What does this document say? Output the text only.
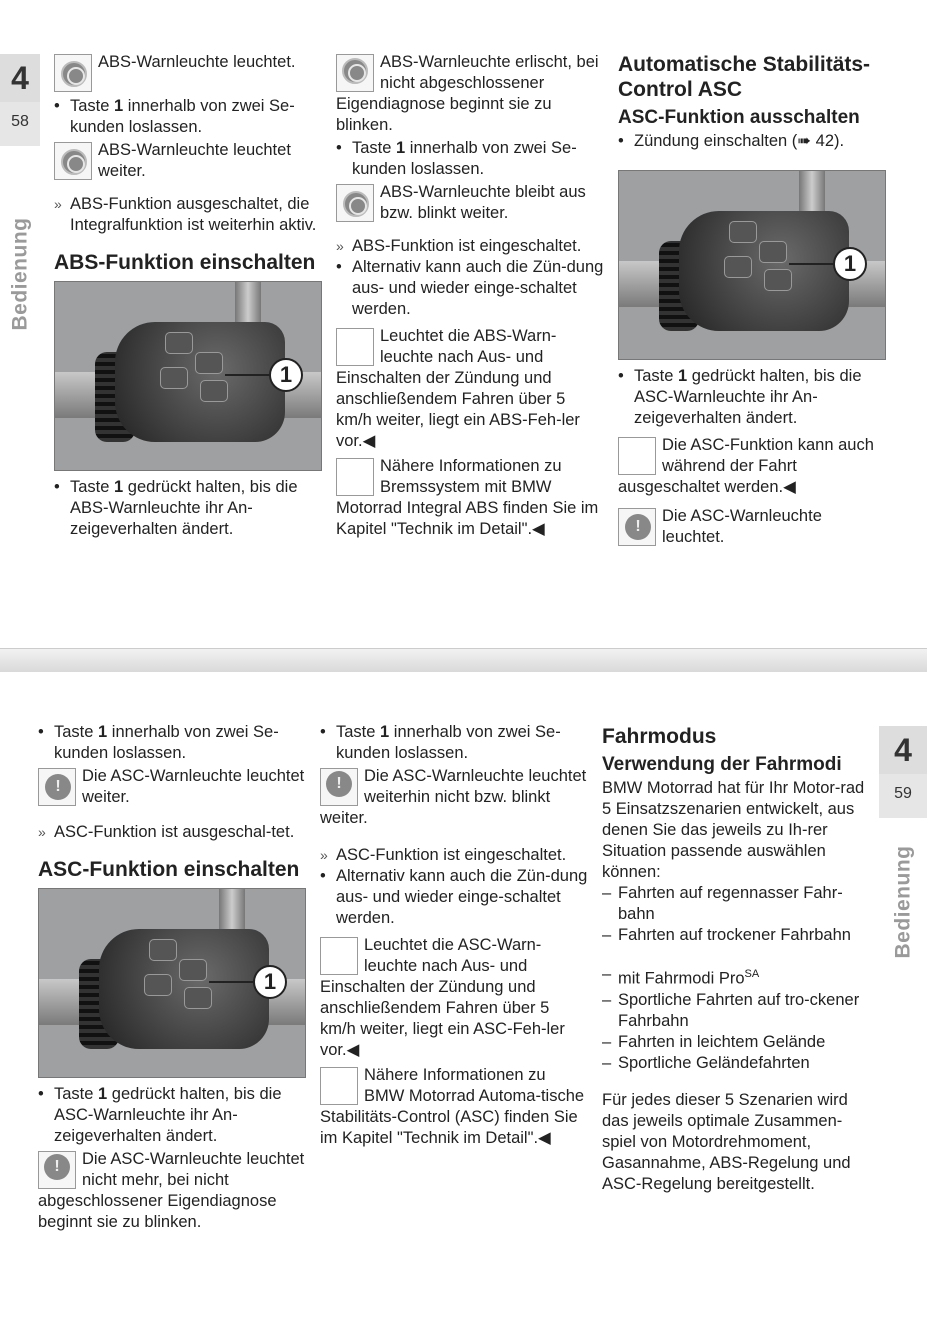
4
58
Bedienung

ABS-Warnleuchte leuchtet.

• Taste 1 innerhalb von zwei Se-kunden loslassen.

ABS-Warnleuchte leuchtet weiter.

» ABS-Funktion ausgeschaltet, die Integralfunktion ist weiterhin aktiv.

ABS-Funktion einschalten
1

• Taste 1 gedrückt halten, bis die ABS-Warnleuchte ihr An-zeigeverhalten ändert.

ABS-Warnleuchte erlischt, bei nicht abgeschlossener Eigendiagnose beginnt sie zu blinken.

• Taste 1 innerhalb von zwei Se-kunden loslassen.

ABS-Warnleuchte bleibt aus bzw. blinkt weiter.

» ABS-Funktion ist eingeschaltet.

• Alternativ kann auch die Zün-dung aus- und wieder einge-schaltet werden.

Leuchtet die ABS-Warn-leuchte nach Aus- und Einschalten der Zündung und anschließendem Fahren über 5 km/h weiter, liegt ein ABS-Feh-ler vor.◀

Nähere Informationen zu Bremssystem mit BMW Motorrad Integral ABS finden Sie im Kapitel "Technik im Detail".◀

Automatische Stabilitäts-Control ASC
ASC-Funktion ausschalten

• Zündung einschalten (➠ 42).

1

• Taste 1 gedrückt halten, bis die ASC-Warnleuchte ihr An-zeigeverhalten ändert.

Die ASC-Funktion kann auch während der Fahrt ausgeschaltet werden.◀

!

Die ASC-Warnleuchte leuchtet.

4
59
Bedienung

• Taste 1 innerhalb von zwei Se-kunden loslassen.

!

Die ASC-Warnleuchte leuchtet weiter.

» ASC-Funktion ist ausgeschal-tet.

ASC-Funktion einschalten
1

• Taste 1 gedrückt halten, bis die ASC-Warnleuchte ihr An-zeigeverhalten ändert.

!

Die ASC-Warnleuchte leuchtet nicht mehr, bei nicht abgeschlossener Eigendiagnose beginnt sie zu blinken.

• Taste 1 innerhalb von zwei Se-kunden loslassen.

!

Die ASC-Warnleuchte leuchtet weiterhin nicht bzw. blinkt weiter.

» ASC-Funktion ist eingeschaltet.

• Alternativ kann auch die Zün-dung aus- und wieder einge-schaltet werden.

Leuchtet die ASC-Warn-leuchte nach Aus- und Einschalten der Zündung und anschließendem Fahren über 5 km/h weiter, liegt ein ASC-Feh-ler vor.◀

Nähere Informationen zu BMW Motorrad Automa-tische Stabilitäts-Control (ASC) finden Sie im Kapitel "Technik im Detail".◀

Fahrmodus
Verwendung der Fahrmodi

BMW Motorrad hat für Ihr Motor-rad 5 Einsatzszenarien entwickelt, aus denen Sie das jeweils zu Ih-rer Situation passende auswählen können:

– Fahrten auf regennasser Fahr-bahn

– Fahrten auf trockener Fahrbahn

– mit Fahrmodi Pro$^{SA}$

– Sportliche Fahrten auf tro-ckener Fahrbahn

– Fahrten in leichtem Gelände

– Sportliche Geländefahrten

Für jedes dieser 5 Szenarien wird das jeweils optimale Zusammen-spiel von Motordrehmoment, Gasannahme, ABS-Regelung und ASC-Regelung bereitgestellt.
